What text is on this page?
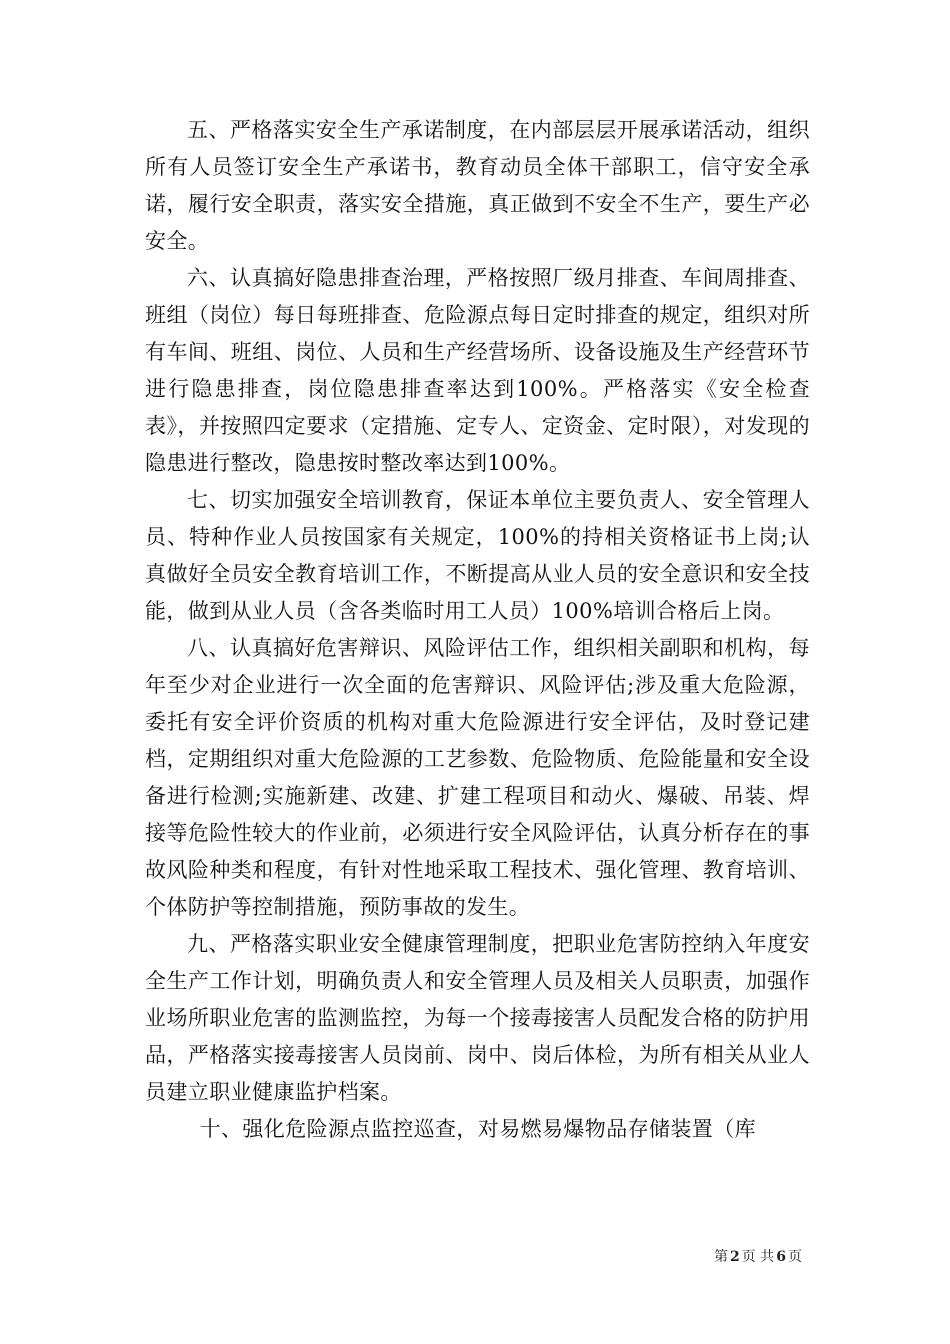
五、严格落实安全生产承诺制度，在内部层层开展承诺活动，组织所有人员签订安全生产承诺书，教育动员全体干部职工，信守安全承诺，履行安全职责，落实安全措施，真正做到不安全不生产，要生产必安全。

六、认真搞好隐患排查治理，严格按照厂级月排查、车间周排查、班组（岗位）每日每班排查、危险源点每日定时排查的规定，组织对所有车间、班组、岗位、人员和生产经营场所、设备设施及生产经营环节进行隐患排查，岗位隐患排查率达到100%。严格落实《安全检查表》，并按照四定要求（定措施、定专人、定资金、定时限），对发现的隐患进行整改，隐患按时整改率达到100%。

七、切实加强安全培训教育，保证本单位主要负责人、安全管理人员、特种作业人员按国家有关规定，100%的持相关资格证书上岗;认真做好全员安全教育培训工作，不断提高从业人员的安全意识和安全技能，做到从业人员（含各类临时用工人员）100%培训合格后上岗。

八、认真搞好危害辩识、风险评估工作，组织相关副职和机构，每年至少对企业进行一次全面的危害辩识、风险评估;涉及重大危险源，委托有安全评价资质的机构对重大危险源进行安全评估，及时登记建档，定期组织对重大危险源的工艺参数、危险物质、危险能量和安全设备进行检测;实施新建、改建、扩建工程项目和动火、爆破、吊装、焊接等危险性较大的作业前，必须进行安全风险评估，认真分析存在的事故风险种类和程度，有针对性地采取工程技术、强化管理、教育培训、个体防护等控制措施，预防事故的发生。

九、严格落实职业安全健康管理制度，把职业危害防控纳入年度安全生产工作计划，明确负责人和安全管理人员及相关人员职责，加强作业场所职业危害的监测监控，为每一个接毒接害人员配发合格的防护用品，严格落实接毒接害人员岗前、岗中、岗后体检，为所有相关从业人员建立职业健康监护档案。

十、强化危险源点监控巡查，对易燃易爆物品存储装置（库

第 2 页 共 6 页
